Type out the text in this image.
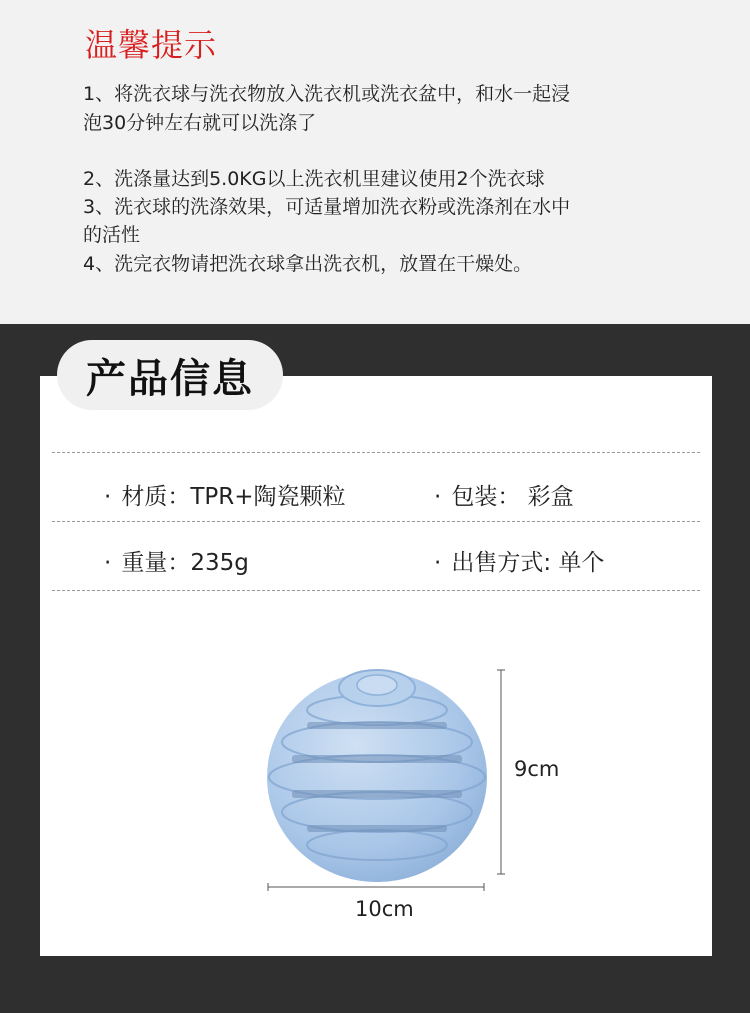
温馨提示
1、将洗衣球与洗衣物放入洗衣机或洗衣盆中，和水一起浸
泡30分钟左右就可以洗涤了
2、洗涤量达到5.0KG以上洗衣机里建议使用2个洗衣球
3、洗衣球的洗涤效果，可适量增加洗衣粉或洗涤剂在水中
的活性
4、洗完衣物请把洗衣球拿出洗衣机，放置在干燥处。
产品信息
· 材质：TPR+陶瓷颗粒	· 包装： 彩盒
· 重量：235g	· 出售方式: 单个
9cm
10cm
